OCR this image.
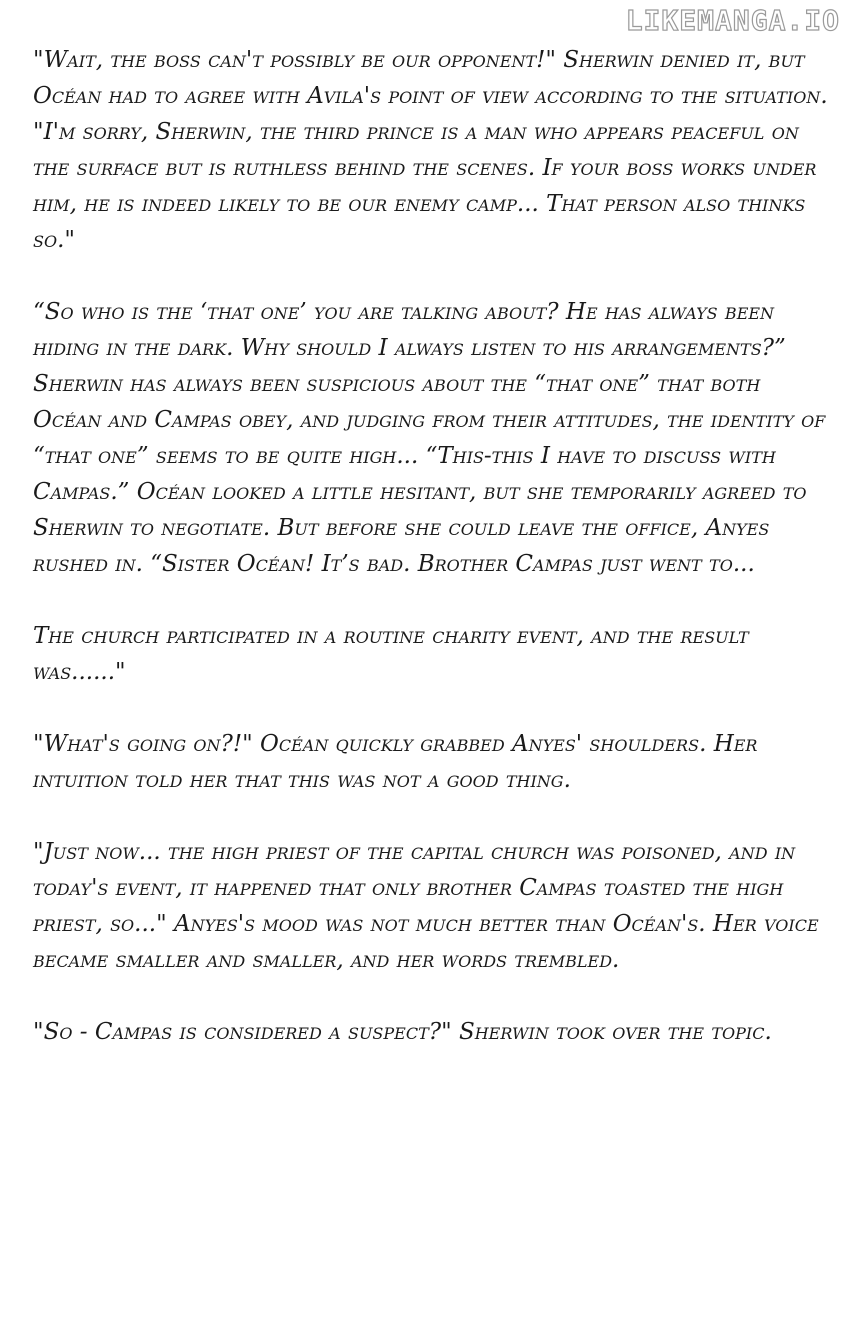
LIKEMANGA.IO

"Wait, the boss can't possibly be our opponent!" Sherwin denied it, but Océan had to agree with Avila's point of view according to the situation. "I'm sorry, Sherwin, the third prince is a man who appears peaceful on the surface but is ruthless behind the scenes. If your boss works under him, he is indeed likely to be our enemy camp... That person also thinks so."

“So who is the ‘that one’ you are talking about? He has always been hiding in the dark. Why should I always listen to his arrangements?” Sherwin has always been suspicious about the “that one” that both Océan and Campas obey, and judging from their attitudes, the identity of “that one” seems to be quite high... “This-this I have to discuss with Campas.” Océan looked a little hesitant, but she temporarily agreed to Sherwin to negotiate. But before she could leave the office, Anyes rushed in. “Sister Océan! It’s bad. Brother Campas just went to...

The church participated in a routine charity event, and the result was......"

"What's going on?!" Océan quickly grabbed Anyes' shoulders. Her intuition told her that this was not a good thing.

"Just now... the high priest of the capital church was poisoned, and in today's event, it happened that only brother Campas toasted the high priest, so..." Anyes's mood was not much better than Océan's. Her voice became smaller and smaller, and her words trembled.

"So - Campas is considered a suspect?" Sherwin took over the topic.
